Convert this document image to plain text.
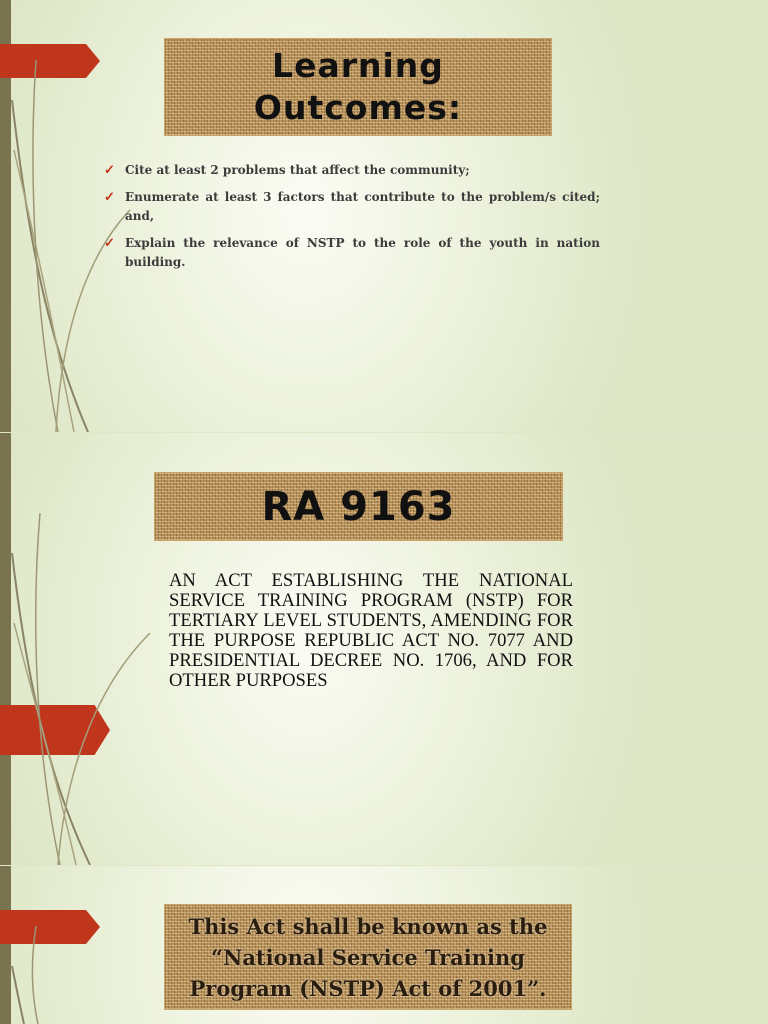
Learning
Outcomes:
✓ Cite at least 2 problems that affect the community;
✓ Enumerate at least 3 factors that contribute to the problem/s cited; and,
✓ Explain the relevance of NSTP to the role of the youth in nation building.
RA 9163

AN ACT ESTABLISHING THE NATIONAL SERVICE TRAINING PROGRAM (NSTP) FOR TERTIARY LEVEL STUDENTS, AMENDING FOR THE PURPOSE REPUBLIC ACT NO. 7077 AND PRESIDENTIAL DECREE NO. 1706, AND FOR OTHER PURPOSES

This Act shall be known as the
“National Service Training
Program (NSTP) Act of 2001”.
